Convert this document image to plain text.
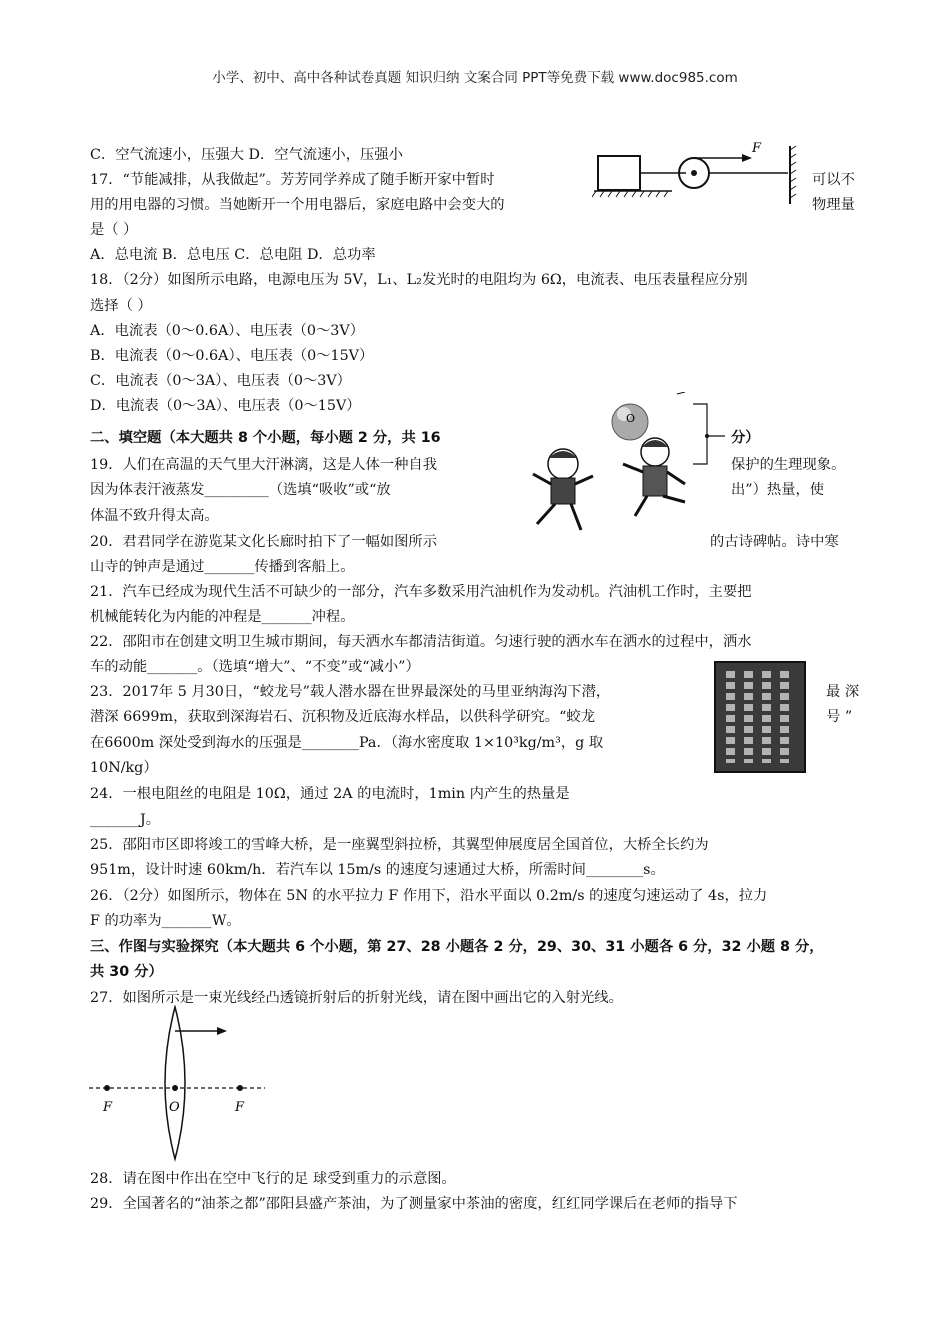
小学、初中、高中各种试卷真题 知识归纳 文案合同 PPT等免费下载 www.doc985.com
C．空气流速小，压强大 D．空气流速小，压强小
17．“节能减排，从我做起”。芳芳同学养成了随手断开家中暂时	可以不
用的用电器的习惯。当她断开一个用电器后，家庭电路中会变大的	物理量
是（ ）
A．总电流 B．总电压 C．总电阻 D．总功率
F
18．（2分）如图所示电路，电源电压为 5V，L₁、L₂发光时的电阻均为 6Ω，电流表、电压表量程应分别
选择（ ）
A．电流表（0～0.6A）、电压表（0～3V）
B．电流表（0～0.6A）、电压表（0～15V）
C．电流表（0～3A）、电压表（0～3V）
D．电流表（0～3A）、电压表（0～15V）
二、填空题（本大题共 8 个小题，每小题 2 分，共 16	分）
O
19．人们在高温的天气里大汗淋漓，这是人体一种自我	保护的生理现象。
因为体表汗液蒸发_________（选填“吸收”或“放	出”）热量，使
体温不致升得太高。
20．君君同学在游览某文化长廊时拍下了一幅如图所示	的古诗碑帖。诗中寒
山寺的钟声是通过_______传播到客船上。
21．汽车已经成为现代生活不可缺少的一部分，汽车多数采用汽油机作为发动机。汽油机工作时，主要把
机械能转化为内能的冲程是_______冲程。
22．邵阳市在创建文明卫生城市期间，每天洒水车都清洁街道。匀速行驶的洒水车在洒水的过程中，洒水
车的动能_______。（选填“增大”、“不变”或“减小”）
23．2017年 5 月30日，“蛟龙号”载人潜水器在世界最深处的马里亚纳海沟下潜，	最 深
潜深 6699m，获取到深海岩石、沉积物及近底海水样品，以供科学研究。“蛟龙	号 ”
在6600m 深处受到海水的压强是________Pa．（海水密度取 1×10³kg/m³，g 取
10N/kg）
24．一根电阻丝的电阻是 10Ω，通过 2A 的电流时，1min 内产生的热量是
_______J。
25．邵阳市区即将竣工的雪峰大桥，是一座翼型斜拉桥，其翼型伸展度居全国首位，大桥全长约为
951m，设计时速 60km/h．若汽车以 15m/s 的速度匀速通过大桥，所需时间________s。
26．（2分）如图所示，物体在 5N 的水平拉力 F 作用下，沿水平面以 0.2m/s 的速度匀速运动了 4s，拉力
F 的功率为_______W。
三、作图与实验探究（本大题共 6 个小题，第 27、28 小题各 2 分，29、30、31 小题各 6 分，32 小题 8 分，
共 30 分）
27．如图所示是一束光线经凸透镜折射后的折射光线，请在图中画出它的入射光线。
F	O	F
28．请在图中作出在空中飞行的足 球受到重力的示意图。
29．全国著名的“油茶之都”邵阳县盛产茶油，为了测量家中茶油的密度，红红同学课后在老师的指导下
